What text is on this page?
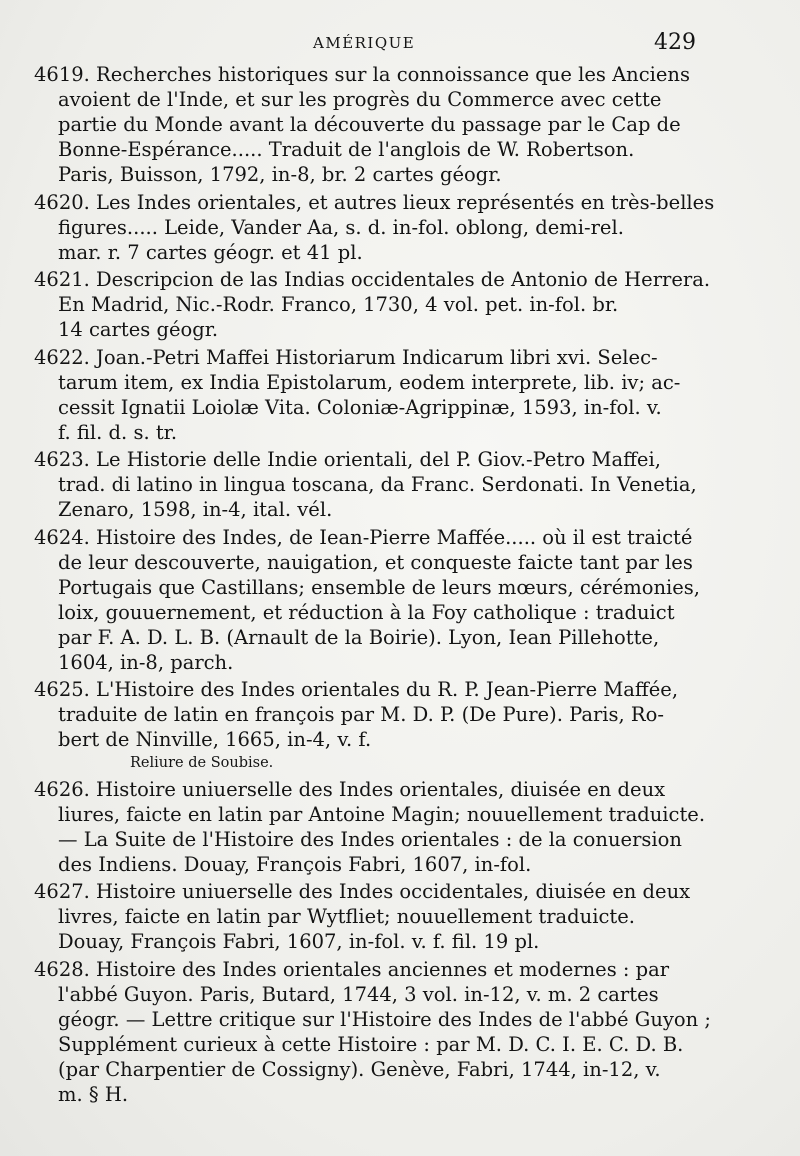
AMÉRIQUE	429
4619. Recherches historiques sur la connoissance que les Anciens
avoient de l'Inde, et sur les progrès du Commerce avec cette
partie du Monde avant la découverte du passage par le Cap de
Bonne-Espérance..... Traduit de l'anglois de W. Robertson.
Paris, Buisson, 1792, in-8, br. 2 cartes géogr.
4620. Les Indes orientales, et autres lieux représentés en très-belles
figures..... Leide, Vander Aa, s. d. in-fol. oblong, demi-rel.
mar. r. 7 cartes géogr. et 41 pl.
4621. Descripcion de las Indias occidentales de Antonio de Herrera.
En Madrid, Nic.-Rodr. Franco, 1730, 4 vol. pet. in-fol. br.
14 cartes géogr.
4622. Joan.-Petri Maffei Historiarum Indicarum libri xvi. Selec-
tarum item, ex India Epistolarum, eodem interprete, lib. iv; ac-
cessit Ignatii Loiolæ Vita. Coloniæ-Agrippinæ, 1593, in-fol. v.
f. fil. d. s. tr.
4623. Le Historie delle Indie orientali, del P. Giov.-Petro Maffei,
trad. di latino in lingua toscana, da Franc. Serdonati. In Venetia,
Zenaro, 1598, in-4, ital. vél.
4624. Histoire des Indes, de Iean-Pierre Maffée..... où il est traicté
de leur descouverte, nauigation, et conqueste faicte tant par les
Portugais que Castillans; ensemble de leurs mœurs, cérémonies,
loix, gouuernement, et réduction à la Foy catholique : traduict
par F. A. D. L. B. (Arnault de la Boirie). Lyon, Iean Pillehotte,
1604, in-8, parch.
4625. L'Histoire des Indes orientales du R. P. Jean-Pierre Maffée,
traduite de latin en françois par M. D. P. (De Pure). Paris, Ro-
bert de Ninville, 1665, in-4, v. f.
Reliure de Soubise.
4626. Histoire uniuerselle des Indes orientales, diuisée en deux
liures, faicte en latin par Antoine Magin; nouuellement traduicte.
— La Suite de l'Histoire des Indes orientales : de la conuersion
des Indiens. Douay, François Fabri, 1607, in-fol.
4627. Histoire uniuerselle des Indes occidentales, diuisée en deux
livres, faicte en latin par Wytfliet; nouuellement traduicte.
Douay, François Fabri, 1607, in-fol. v. f. fil. 19 pl.
4628. Histoire des Indes orientales anciennes et modernes : par
l'abbé Guyon. Paris, Butard, 1744, 3 vol. in-12, v. m. 2 cartes
géogr. — Lettre critique sur l'Histoire des Indes de l'abbé Guyon ;
Supplément curieux à cette Histoire : par M. D. C. I. E. C. D. B.
(par Charpentier de Cossigny). Genève, Fabri, 1744, in-12, v.
m. § H.
